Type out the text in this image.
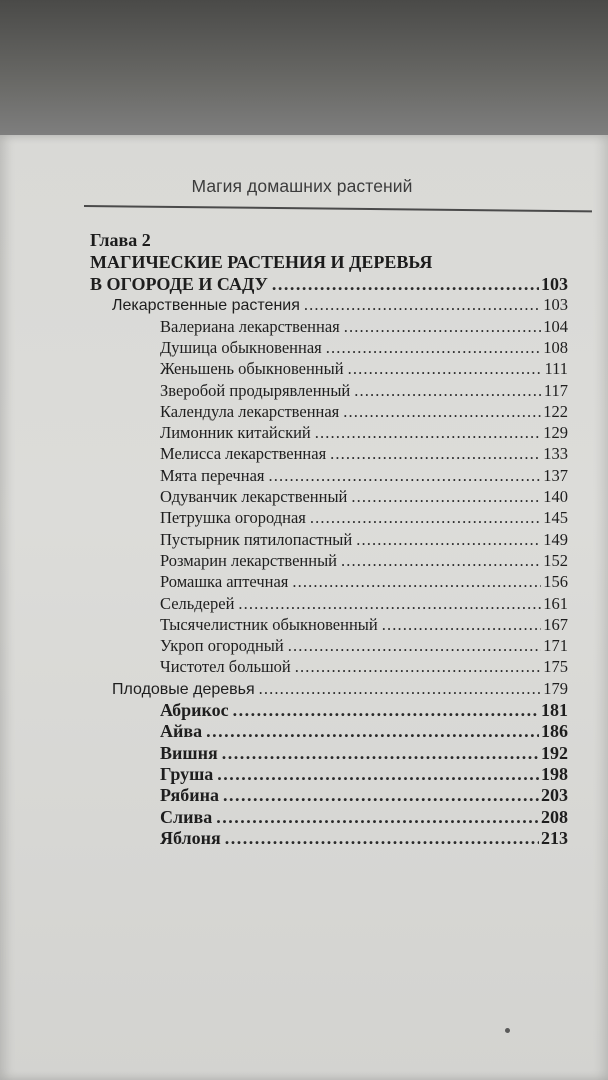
Магия домашних растений
Глава 2
МАГИЧЕСКИЕ РАСТЕНИЯ И ДЕРЕВЬЯ
В ОГОРОДЕ И САДУ . . .	103
Лекарственные растения . . .	103
Валериана лекарственная . . .	104
Душица обыкновенная . . .	108
Женьшень обыкновенный . . .	111
Зверобой продырявленный . . .	117
Календула лекарственная . . .	122
Лимонник китайский . . .	129
Мелисса лекарственная . . .	133
Мята перечная . . .	137
Одуванчик лекарственный . . .	140
Петрушка огородная . . .	145
Пустырник пятилопастный . . .	149
Розмарин лекарственный . . .	152
Ромашка аптечная . . .	156
Сельдерей . . .	161
Тысячелистник обыкновенный . . .	167
Укроп огородный . . .	171
Чистотел большой . . .	175
Плодовые деревья . . .	179
Абрикос . . .	181
Айва . . .	186
Вишня . . .	192
Груша . . .	198
Рябина . . .	203
Слива . . .	208
Яблоня . . .	213
